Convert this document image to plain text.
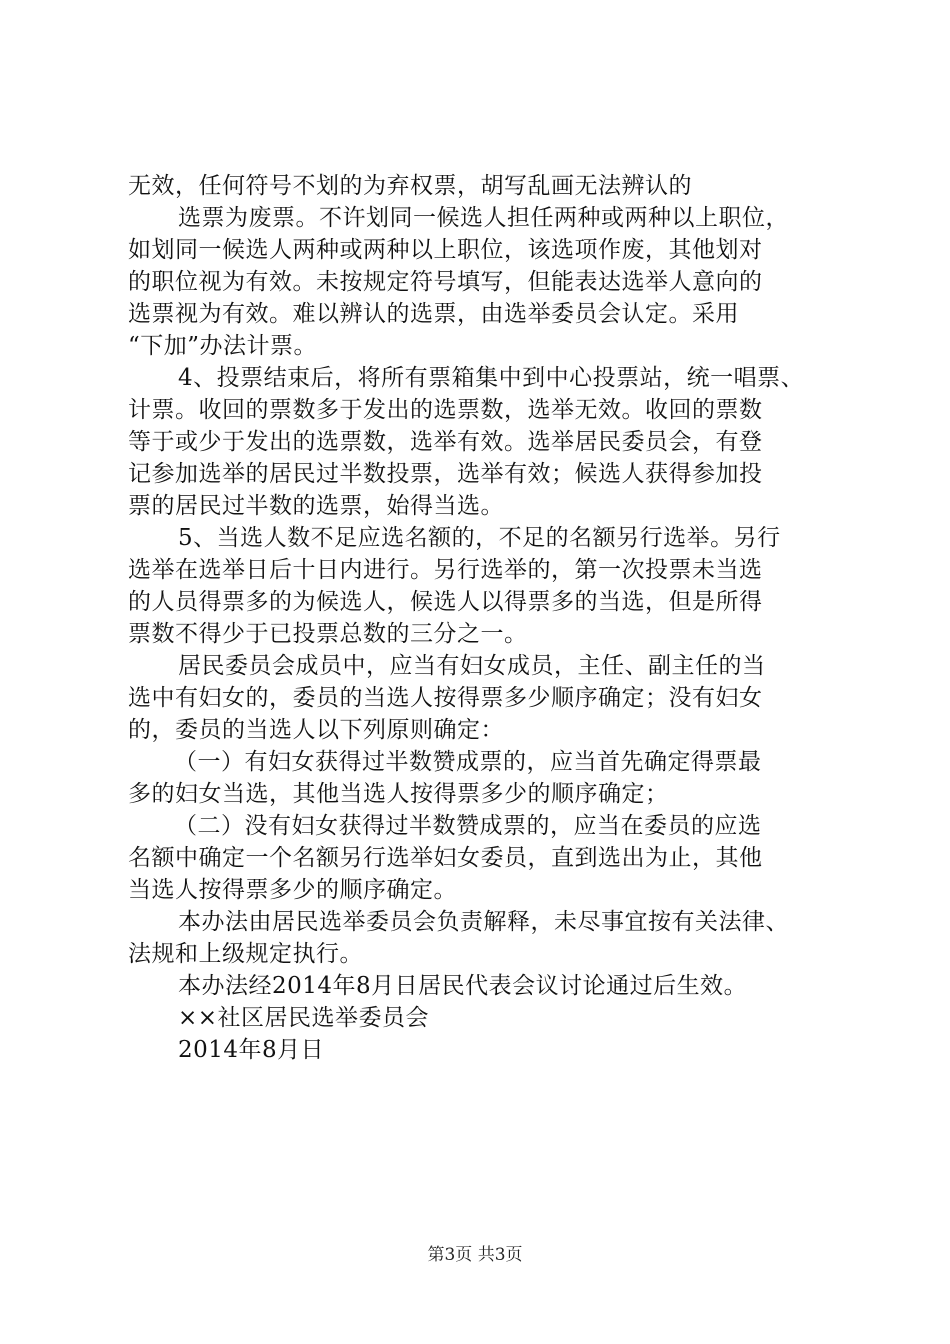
无效，任何符号不划的为弃权票，胡写乱画无法辨认的
选票为废票。不许划同一候选人担任两种或两种以上职位，
如划同一候选人两种或两种以上职位，该选项作废，其他划对
的职位视为有效。未按规定符号填写，但能表达选举人意向的
选票视为有效。难以辨认的选票，由选举委员会认定。采用
“下加”办法计票。
4、投票结束后，将所有票箱集中到中心投票站，统一唱票、
计票。收回的票数多于发出的选票数，选举无效。收回的票数
等于或少于发出的选票数，选举有效。选举居民委员会，有登
记参加选举的居民过半数投票，选举有效；候选人获得参加投
票的居民过半数的选票，始得当选。
5、当选人数不足应选名额的，不足的名额另行选举。另行
选举在选举日后十日内进行。另行选举的，第一次投票未当选
的人员得票多的为候选人，候选人以得票多的当选，但是所得
票数不得少于已投票总数的三分之一。
居民委员会成员中，应当有妇女成员，主任、副主任的当
选中有妇女的，委员的当选人按得票多少顺序确定；没有妇女
的，委员的当选人以下列原则确定：
（一）有妇女获得过半数赞成票的，应当首先确定得票最
多的妇女当选，其他当选人按得票多少的顺序确定；
（二）没有妇女获得过半数赞成票的，应当在委员的应选
名额中确定一个名额另行选举妇女委员，直到选出为止，其他
当选人按得票多少的顺序确定。
本办法由居民选举委员会负责解释，未尽事宜按有关法律、
法规和上级规定执行。
本办法经2014年8月日居民代表会议讨论通过后生效。
××社区居民选举委员会
2014年8月日
第3页 共3页
